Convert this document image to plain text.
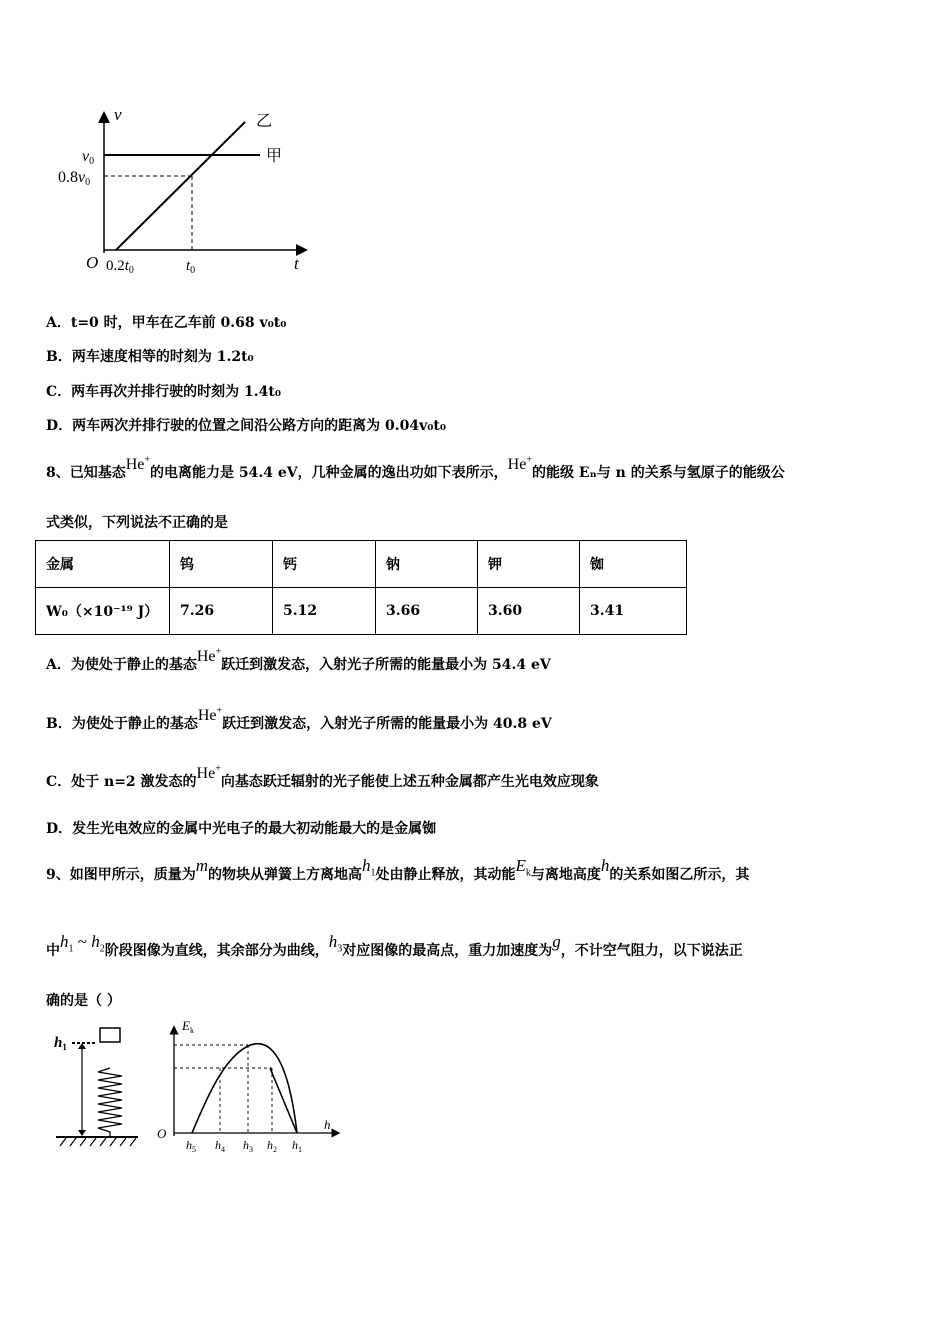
v
t
O
v0
0.8v0
$0.2t_0$	$t_0$
乙
甲
A．t=0 时，甲车在乙车前 0.68 v₀t₀
B．两车速度相等的时刻为 1.2t₀
C．两车再次并排行驶的时刻为 1.4t₀
D．两车两次并排行驶的位置之间沿公路方向的距离为 0.04v₀t₀
8、已知基态He+的电离能力是 54.4 eV，几种金属的逸出功如下表所示，He+的能级 Eₙ与 n 的关系与氢原子的能级公
式类似，下列说法不正确的是
金属	钨	钙	钠	钾	铷
W₀（×10⁻¹⁹ J）	7.26	5.12	3.66	3.60	3.41
A．为使处于静止的基态He+跃迁到激发态，入射光子所需的能量最小为 54.4 eV
B．为使处于静止的基态He+跃迁到激发态，入射光子所需的能量最小为 40.8 eV
C．处于 n=2 激发态的He+向基态跃迁辐射的光子能使上述五种金属都产生光电效应现象
D．发生光电效应的金属中光电子的最大初动能最大的是金属铷
9、如图甲所示，质量为m的物块从弹簧上方离地高$h_1$处由静止释放，其动能$E_k$与离地高度h的关系如图乙所示，其
中$h_1$ ~ $h_2$阶段图像为直线，其余部分为曲线，$h_3$对应图像的最高点，重力加速度为g，不计空气阻力，以下说法正
确的是（ ）
$h_1$
$E_k$
h
O
$h_5$ $h_4$ $h_3$ $h_2$ $h_1$
